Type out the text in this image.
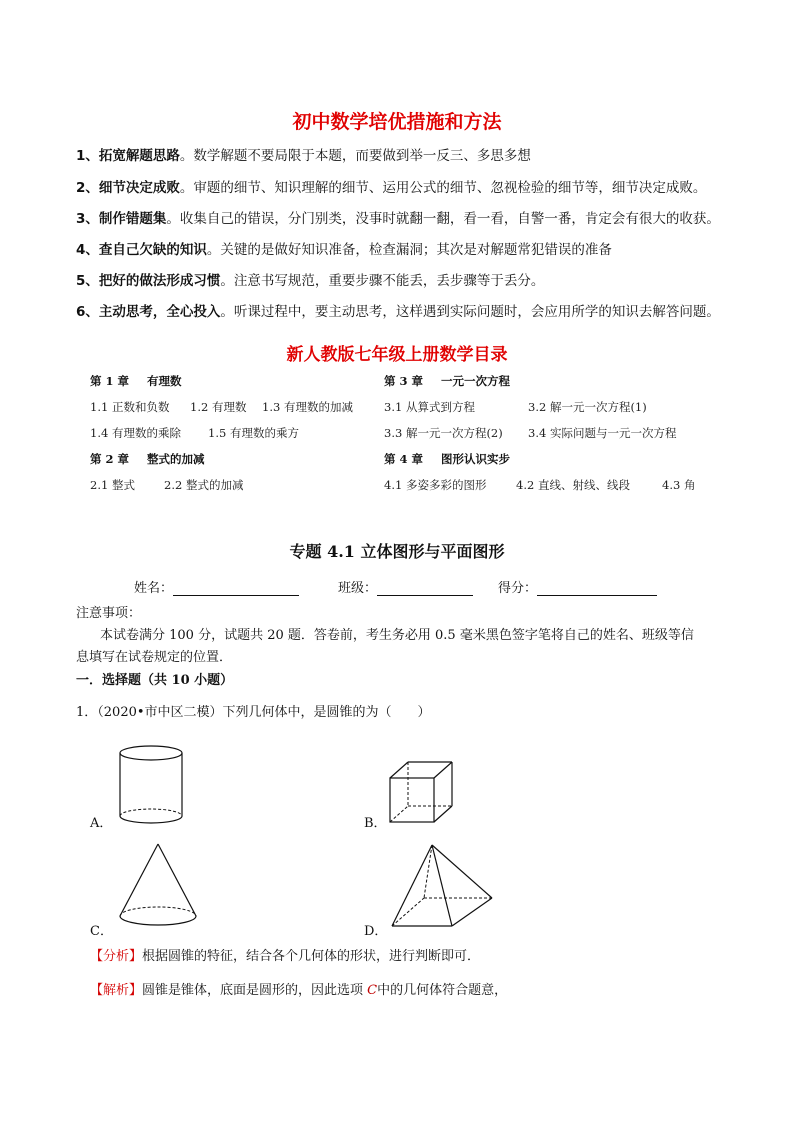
初中数学培优措施和方法
1、拓宽解题思路。数学解题不要局限于本题，而要做到举一反三、多思多想
2、细节决定成败。审题的细节、知识理解的细节、运用公式的细节、忽视检验的细节等，细节决定成败。
3、制作错题集。收集自己的错误，分门别类，没事时就翻一翻，看一看，自警一番，肯定会有很大的收获。
4、查自己欠缺的知识。关键的是做好知识准备，检查漏洞；其次是对解题常犯错误的准备
5、把好的做法形成习惯。注意书写规范，重要步骤不能丢，丢步骤等于丢分。
6、主动思考，全心投入。听课过程中，要主动思考，这样遇到实际问题时，会应用所学的知识去解答问题。
新人教版七年级上册数学目录
第 1 章 有理数
1.1 正数和负数 1.2 有理数 1.3 有理数的加减
1.4 有理数的乘除 1.5 有理数的乘方
第 2 章 整式的加减
2.1 整式	2.2 整式的加减
第 3 章 一元一次方程
3.1 从算式到方程	3.2 解一元一次方程(1)
3.3 解一元一次方程(2) 3.4 实际问题与一元一次方程
第 4 章 图形认识实步
4.1 多姿多彩的图形	4.2 直线、射线、线段	4.3 角
专题 4.1 立体图形与平面图形
姓名：	班级：	得分：
注意事项：
本试卷满分 100 分，试题共 20 题．答卷前，考生务必用 0.5 毫米黑色签字笔将自己的姓名、班级等信
息填写在试卷规定的位置．
一．选择题（共 10 小题）
1．（2020•市中区二模）下列几何体中，是圆锥的为（　　）
A．	B．
C．	D．
【分析】根据圆锥的特征，结合各个几何体的形状，进行判断即可．
【解析】圆锥是锥体，底面是圆形的，因此选项 C中的几何体符合题意，
